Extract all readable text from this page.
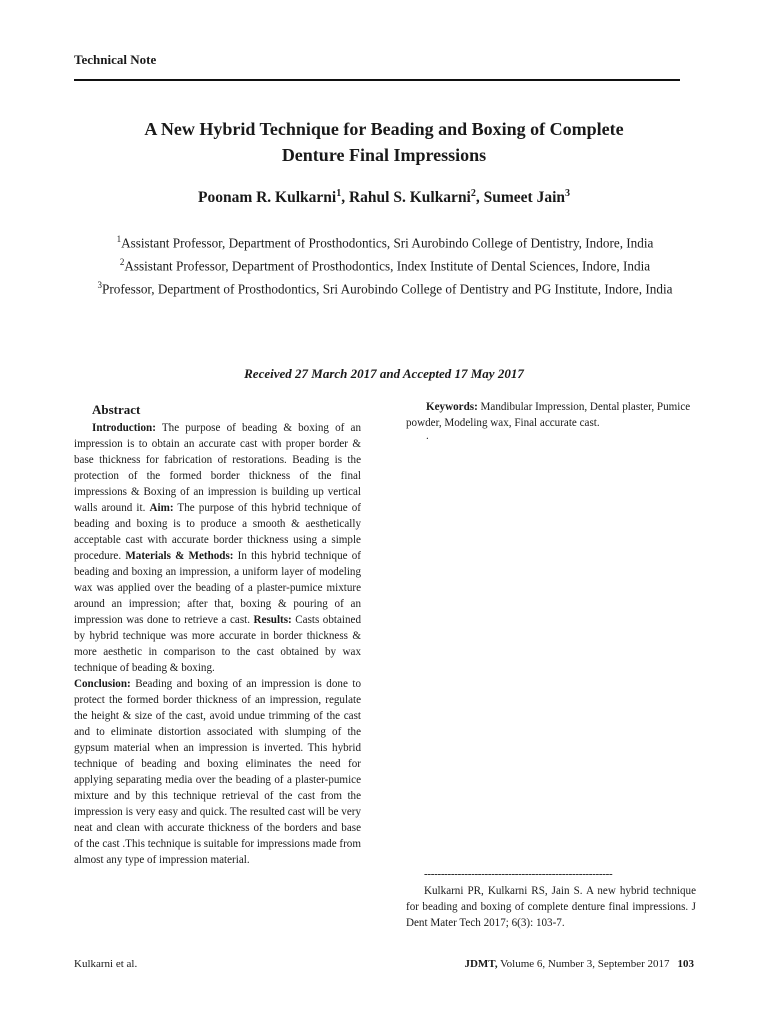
Technical Note
A New Hybrid Technique for Beading and Boxing of Complete
Denture Final Impressions
Poonam R. Kulkarni$^1$, Rahul S. Kulkarni$^2$, Sumeet Jain$^3$
$^1$Assistant Professor, Department of Prosthodontics, Sri Aurobindo College of Dentistry, Indore, India
$^2$Assistant Professor, Department of Prosthodontics, Index Institute of Dental Sciences, Indore, India
$^3$Professor, Department of Prosthodontics, Sri Aurobindo College of Dentistry and PG Institute, Indore, India
Received 27 March 2017 and Accepted 17 May 2017
Abstract

Introduction: The purpose of beading & boxing of an impression is to obtain an accurate cast with proper border & base thickness for fabrication of restorations. Beading is the protection of the formed border thickness of the final impressions & Boxing of an impression is building up vertical walls around it. Aim: The purpose of this hybrid technique of beading and boxing is to produce a smooth & aesthetically acceptable cast with accurate border thickness using a simple procedure. Materials & Methods: In this hybrid technique of beading and boxing an impression, a uniform layer of modeling wax was applied over the beading of a plaster-pumice mixture around an impression; after that, boxing & pouring of an impression was done to retrieve a cast. Results: Casts obtained by hybrid technique was more accurate in border thickness & more aesthetic in comparison to the cast obtained by wax technique of beading & boxing.

Conclusion: Beading and boxing of an impression is done to protect the formed border thickness of an impression, regulate the height & size of the cast, avoid undue trimming of the cast and to eliminate distortion associated with slumping of the gypsum material when an impression is inverted. This hybrid technique of beading and boxing eliminates the need for applying separating media over the beading of a plaster-pumice mixture and by this technique retrieval of the cast from the impression is very easy and quick. The resulted cast will be very neat and clean with accurate thickness of the borders and base of the cast .This technique is suitable for impressions made from almost any type of impression material.

Keywords: Mandibular Impression, Dental plaster, Pumice powder, Modeling wax, Final accurate cast.

.
--------------------------------------------------------
Kulkarni PR, Kulkarni RS, Jain S. A new hybrid technique for beading and boxing of complete denture final impressions. J Dent Mater Tech 2017; 6(3): 103-7.
Kulkarni et al.	JDMT, Volume 6, Number 3, September 2017 103
